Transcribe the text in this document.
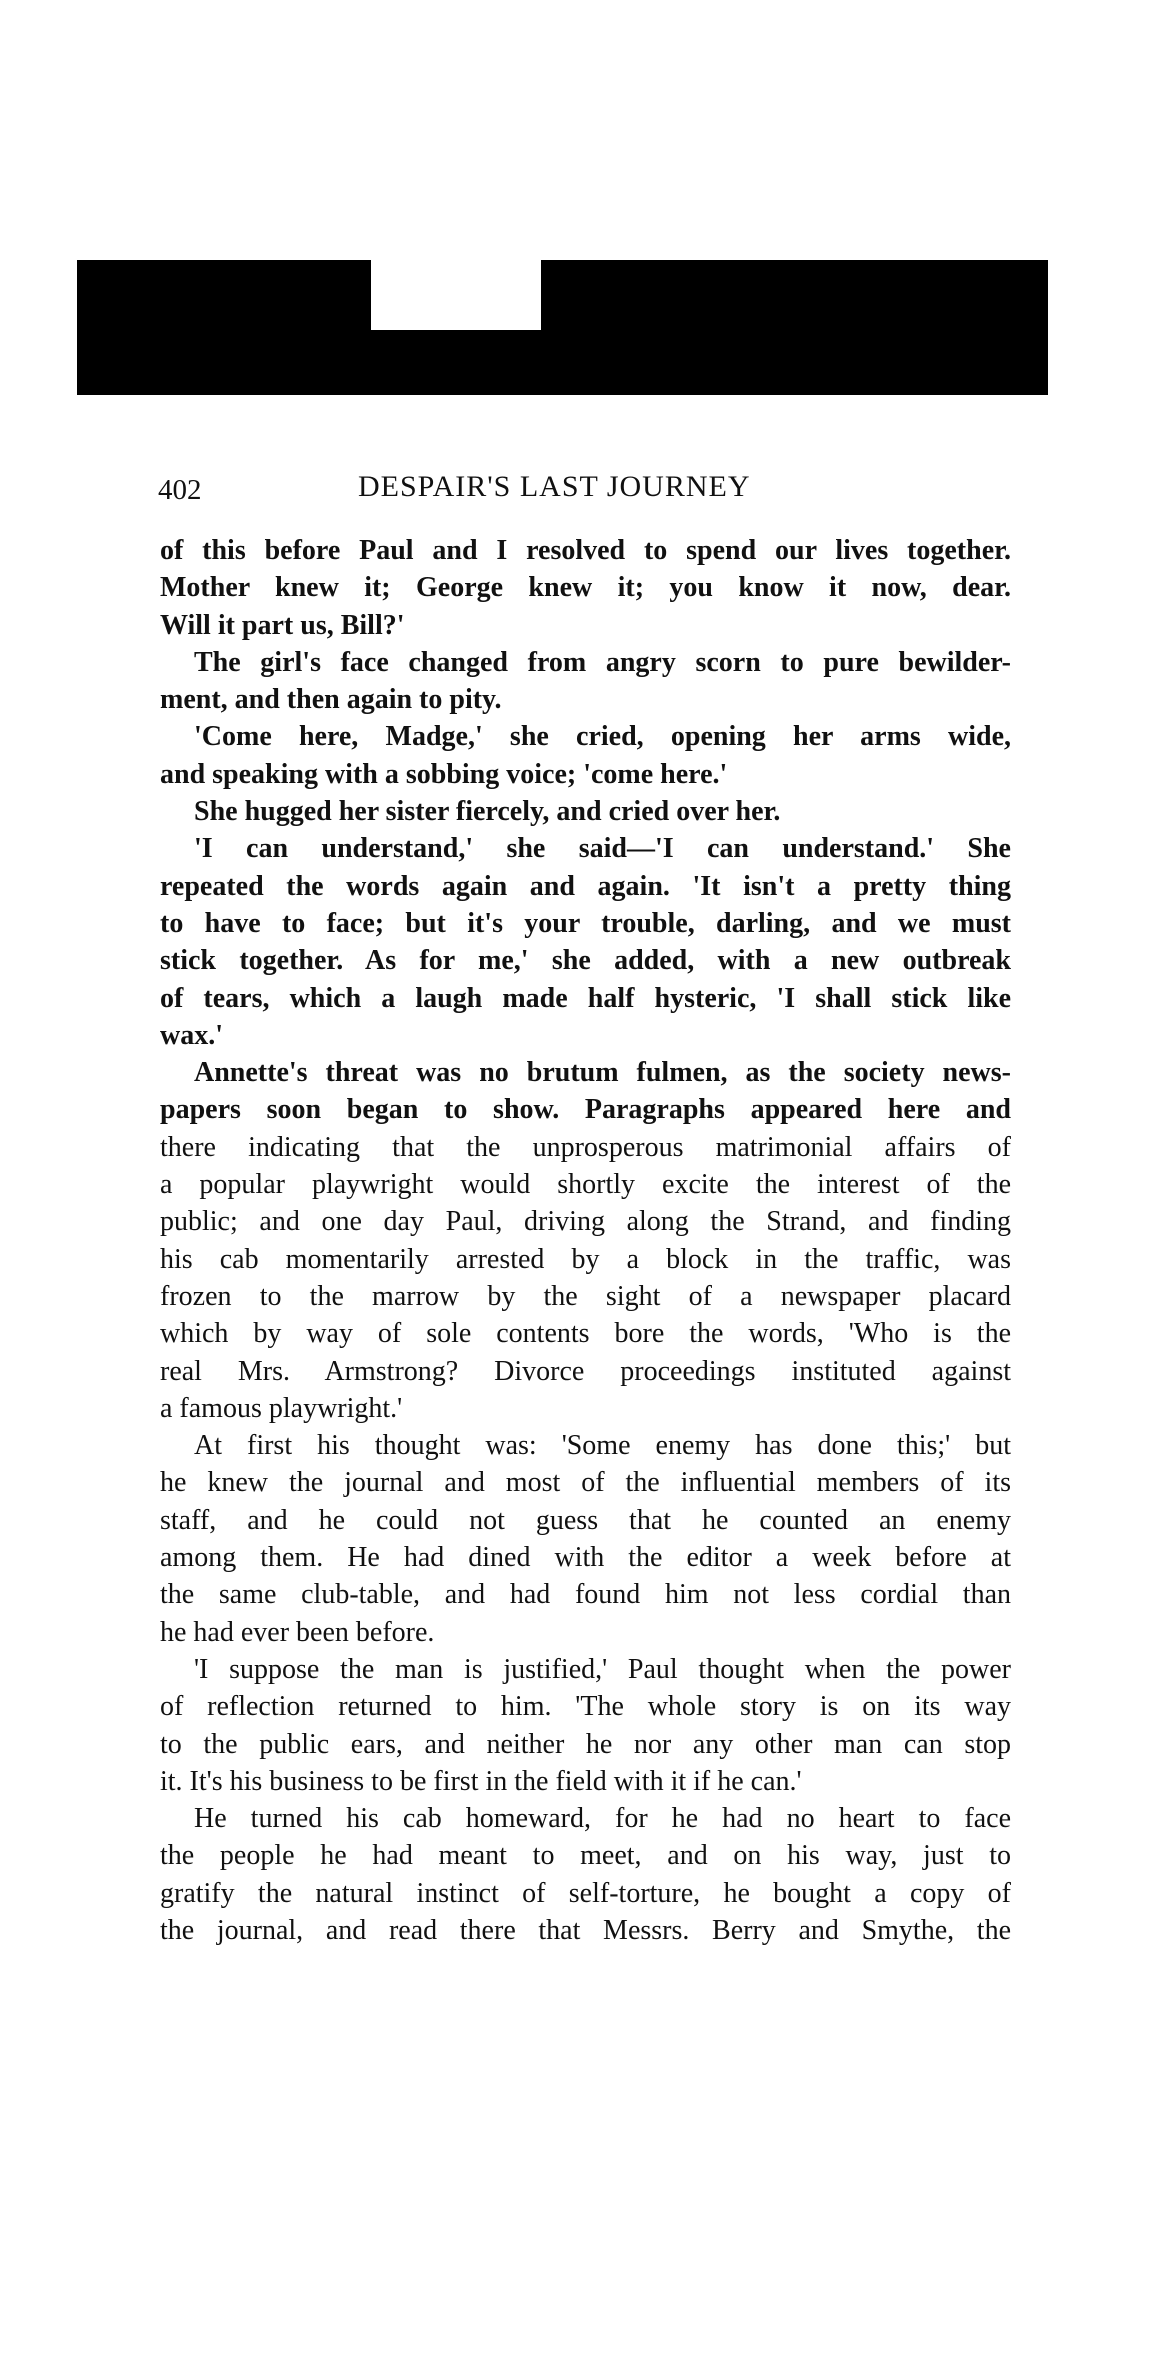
402	DESPAIR'S LAST JOURNEY
of this before Paul and I resolved to spend our lives together.
Mother knew it; George knew it; you know it now, dear.
Will it part us, Bill?'
The girl's face changed from angry scorn to pure bewilder-
ment, and then again to pity.
'Come here, Madge,' she cried, opening her arms wide,
and speaking with a sobbing voice; 'come here.'
She hugged her sister fiercely, and cried over her.
'I can understand,' she said—'I can understand.' She
repeated the words again and again. 'It isn't a pretty thing
to have to face; but it's your trouble, darling, and we must
stick together. As for me,' she added, with a new outbreak
of tears, which a laugh made half hysteric, 'I shall stick like
wax.'
Annette's threat was no brutum fulmen, as the society news-
papers soon began to show. Paragraphs appeared here and
there indicating that the unprosperous matrimonial affairs of
a popular playwright would shortly excite the interest of the
public; and one day Paul, driving along the Strand, and finding
his cab momentarily arrested by a block in the traffic, was
frozen to the marrow by the sight of a newspaper placard
which by way of sole contents bore the words, 'Who is the
real Mrs. Armstrong? Divorce proceedings instituted against
a famous playwright.'
At first his thought was: 'Some enemy has done this;' but
he knew the journal and most of the influential members of its
staff, and he could not guess that he counted an enemy
among them. He had dined with the editor a week before at
the same club-table, and had found him not less cordial than
he had ever been before.
'I suppose the man is justified,' Paul thought when the power
of reflection returned to him. 'The whole story is on its way
to the public ears, and neither he nor any other man can stop
it. It's his business to be first in the field with it if he can.'
He turned his cab homeward, for he had no heart to face
the people he had meant to meet, and on his way, just to
gratify the natural instinct of self-torture, he bought a copy of
the journal, and read there that Messrs. Berry and Smythe, the
